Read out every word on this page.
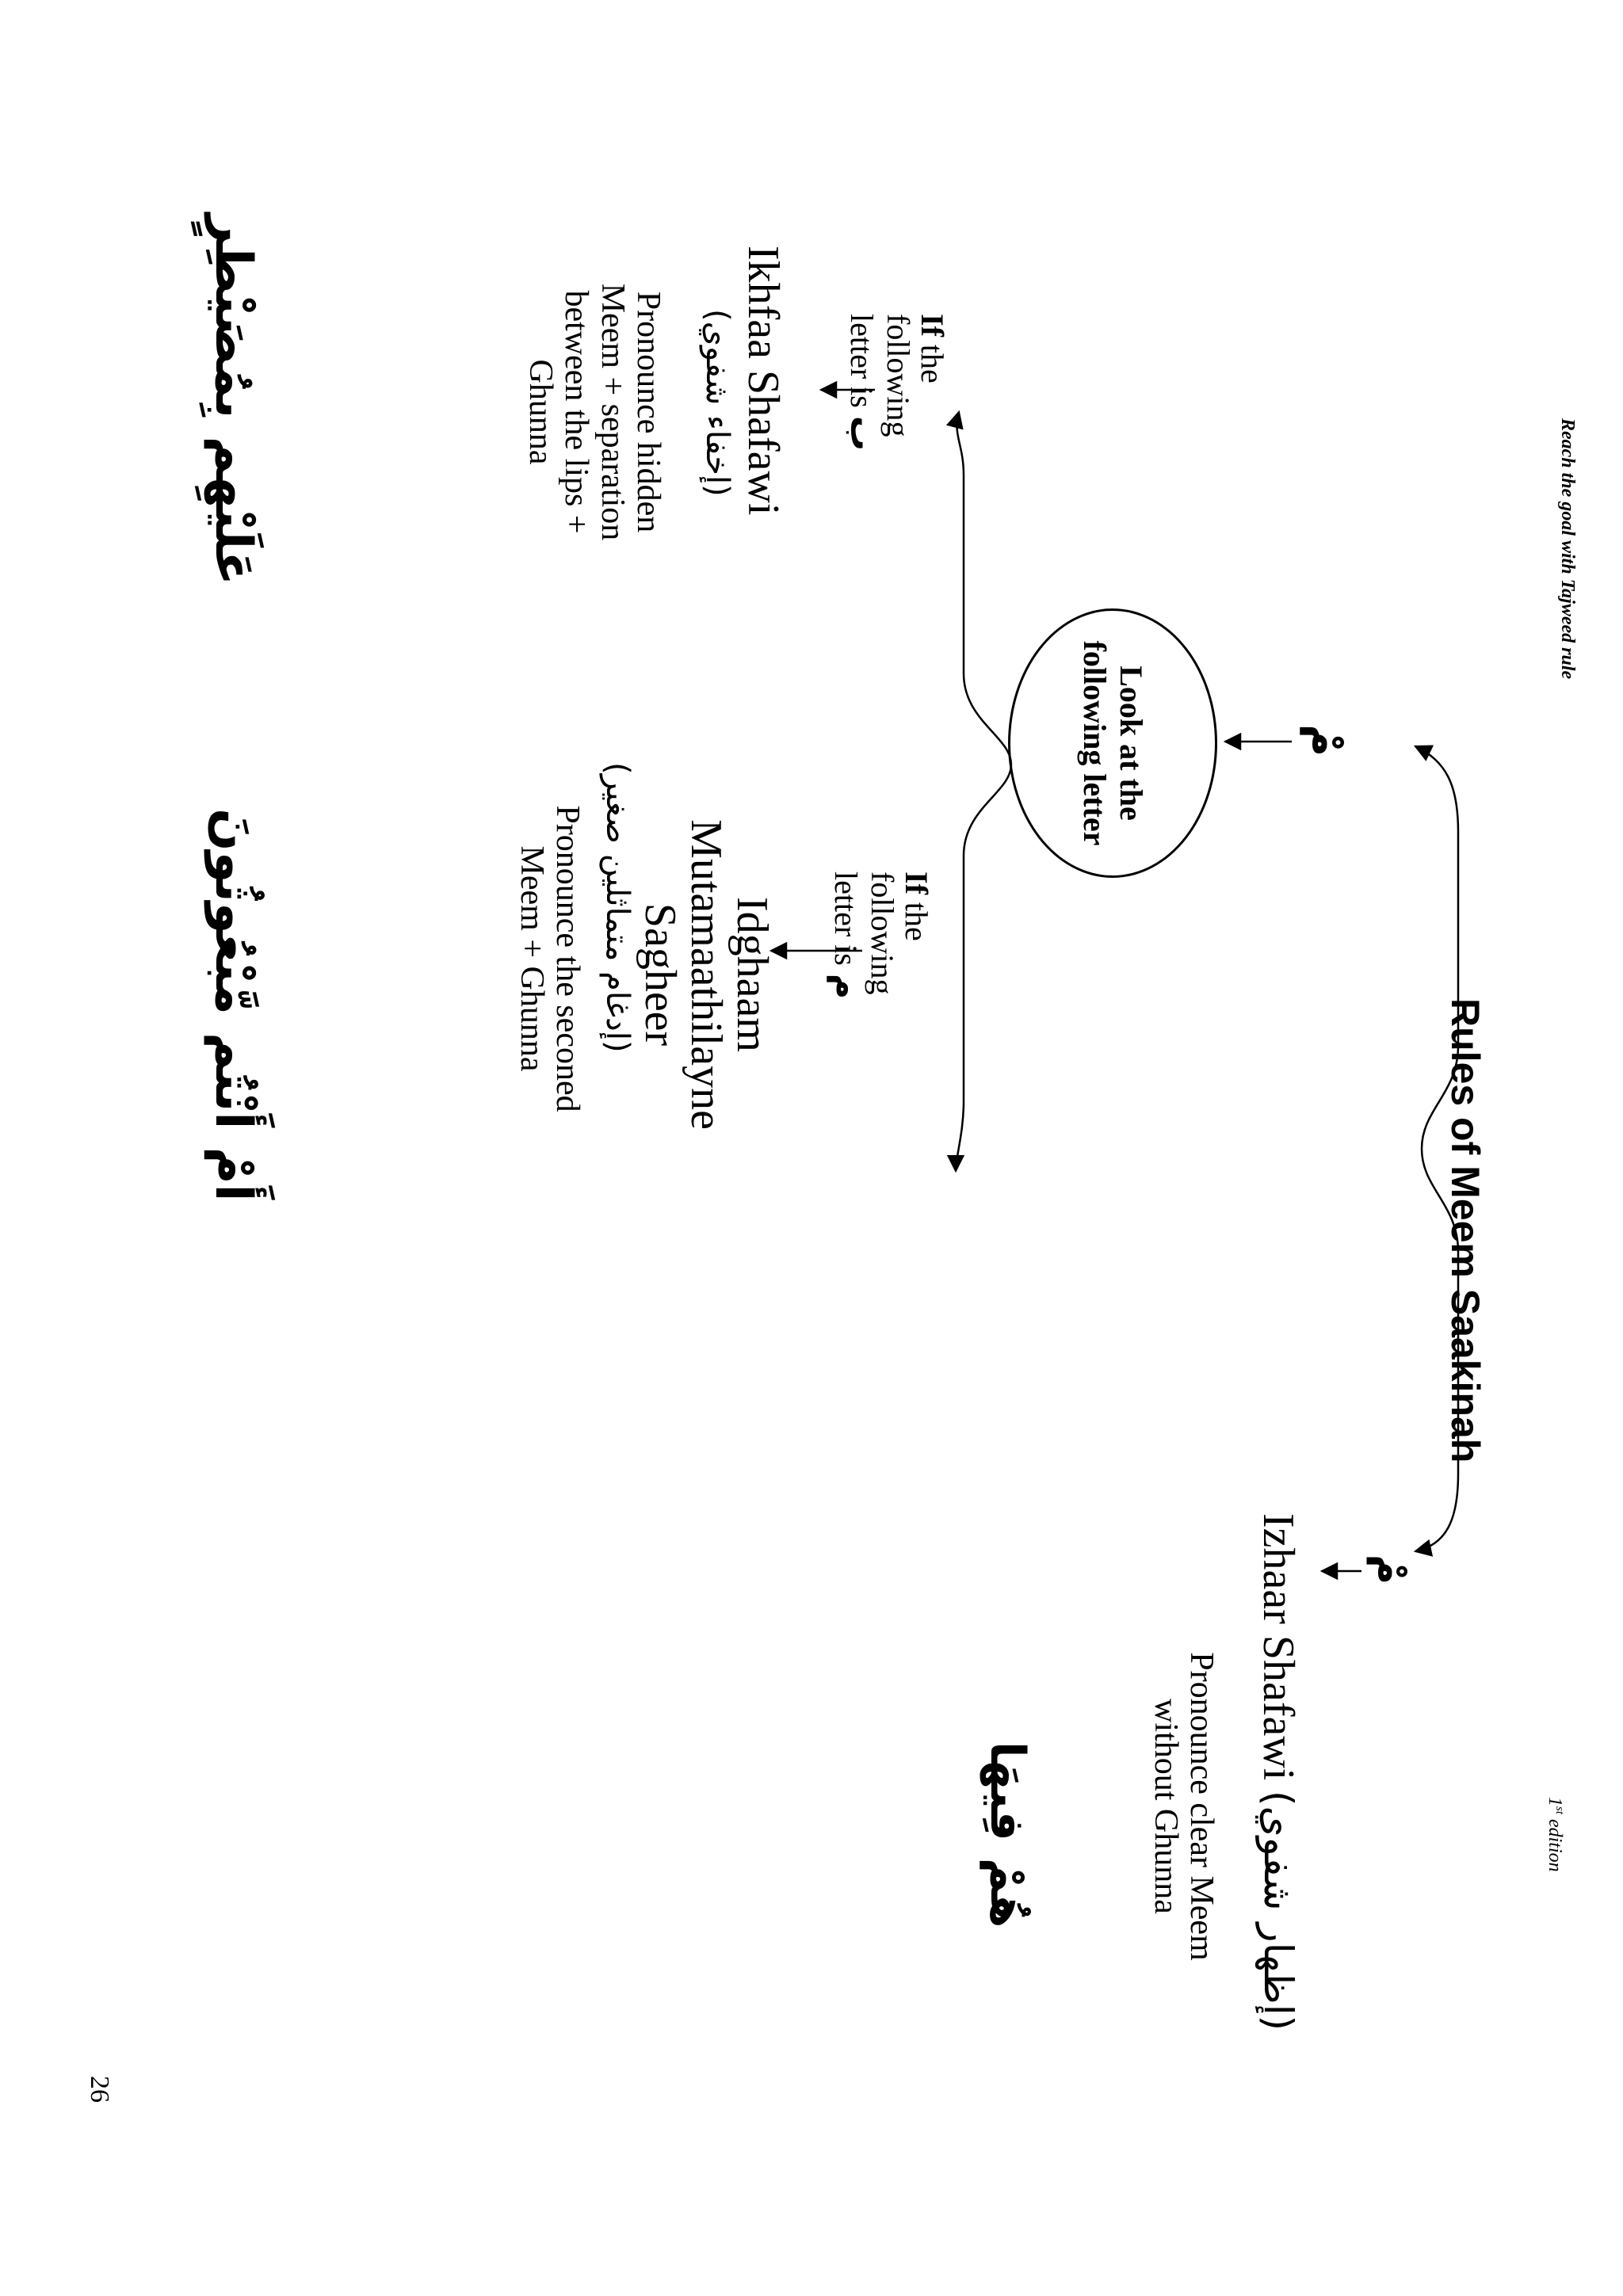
Reach the goal with Tajweed rule
1st edition
Rules of Meem Saakinah
مْ
Izhaar Shafawi
(إظهار شفوي)
Pronounce clear Meem
without Ghunna
هُمْ فِيهَا
مْ
Look at the
following letter
If the
following
letter is ب
Ikhfaa Shafawi
(إخفاء شفوي)
Pronounce hidden
Meem + separation
between the lips +
Ghunna
عَلَيْهِم بِمُصَيْطِرٍ
If the
following
letter is م
Idghaam
Mutamaathilayne
Sagheer
(إدغام متماثلين صغير)
Pronounce the seconed
Meem + Ghunna
أَمْ أَنْتُم مَّبْعُوثُونَ
26
